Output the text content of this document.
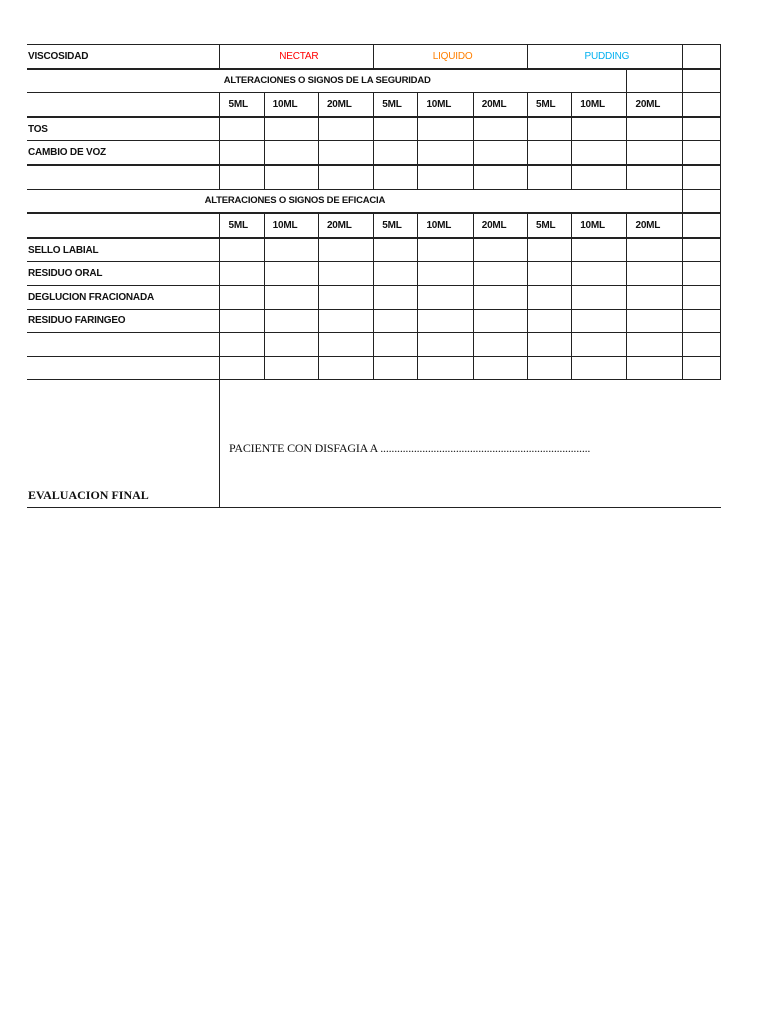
VISCOSIDAD	NECTAR			LIQUIDO			PUDDING			
ALTERACIONES O SIGNOS DE LA SEGURIDAD										
	5ML	10ML	20ML	5ML	10ML	20ML	5ML	10ML	20ML	
TOS										
CAMBIO DE VOZ										

ALTERACIONES O SIGNOS DE EFICACIA										
	5ML	10ML	20ML	5ML	10ML	20ML	5ML	10ML	20ML	
SELLO LABIAL										
RESIDUO ORAL										
DEGLUCION FRACIONADA										
RESIDUO FARINGEO										

EVALUACION FINAL
PACIENTE CON DISFAGIA A ...........................................................................
